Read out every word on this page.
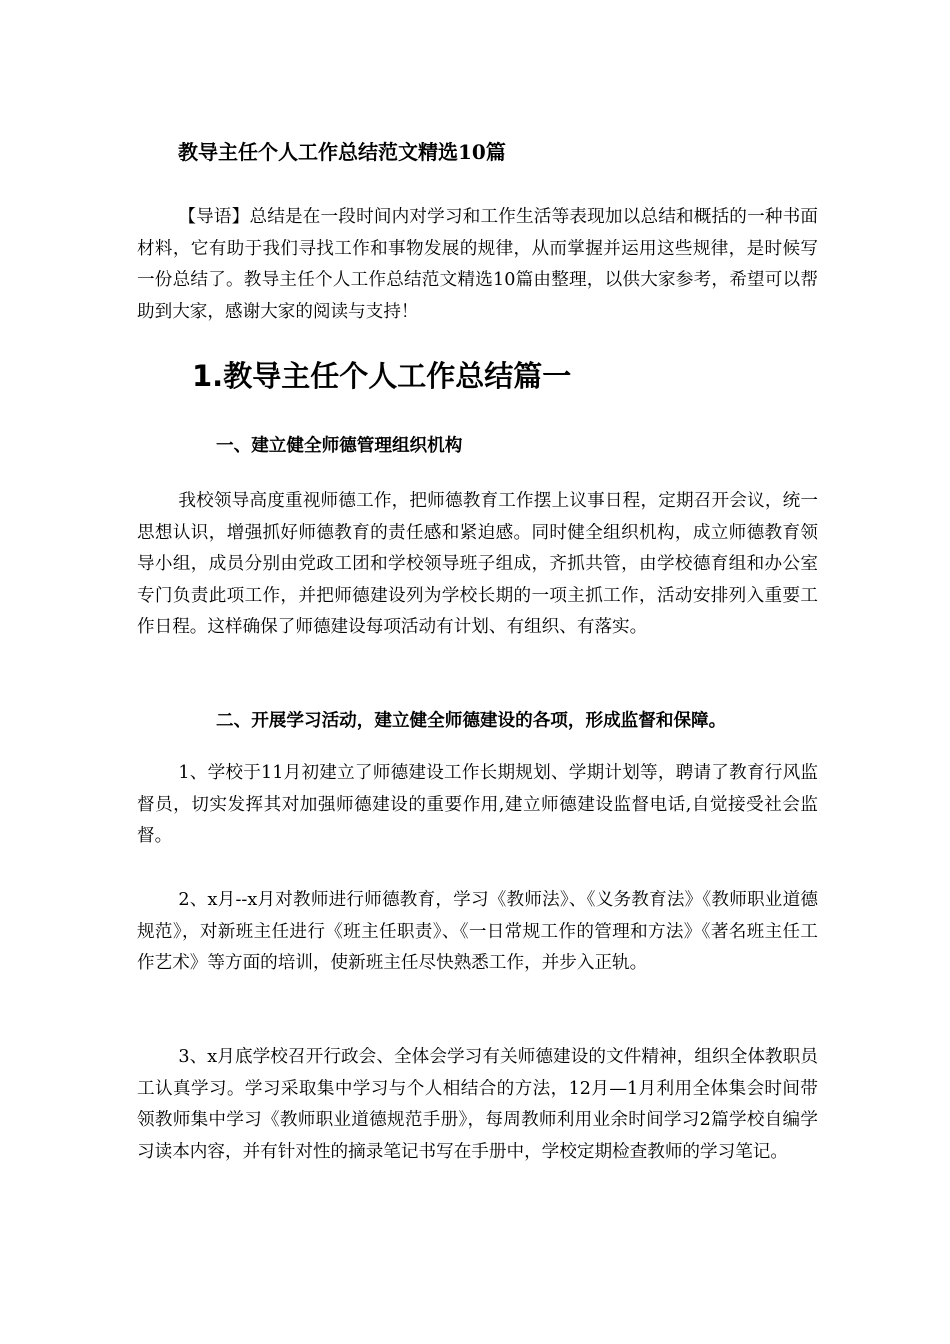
教导主任个人工作总结范文精选10篇

【导语】总结是在一段时间内对学习和工作生活等表现加以总结和概括的一种书面材料，它有助于我们寻找工作和事物发展的规律，从而掌握并运用这些规律，是时候写一份总结了。教导主任个人工作总结范文精选10篇由整理，以供大家参考，希望可以帮助到大家，感谢大家的阅读与支持！

1.教导主任个人工作总结篇一
一、建立健全师德管理组织机构

我校领导高度重视师德工作，把师德教育工作摆上议事日程，定期召开会议，统一思想认识，增强抓好师德教育的责任感和紧迫感。同时健全组织机构，成立师德教育领导小组，成员分别由党政工团和学校领导班子组成，齐抓共管，由学校德育组和办公室专门负责此项工作，并把师德建设列为学校长期的一项主抓工作，活动安排列入重要工作日程。这样确保了师德建设每项活动有计划、有组织、有落实。

二、开展学习活动，建立健全师德建设的各项，形成监督和保障。

1、学校于11月初建立了师德建设工作长期规划、学期计划等，聘请了教育行风监督员，切实发挥其对加强师德建设的重要作用,建立师德建设监督电话,自觉接受社会监督。

2、x月--x月对教师进行师德教育，学习《教师法》、《义务教育法》《教师职业道德规范》，对新班主任进行《班主任职责》、《一日常规工作的管理和方法》《著名班主任工作艺术》等方面的培训，使新班主任尽快熟悉工作，并步入正轨。

3、x月底学校召开行政会、全体会学习有关师德建设的文件精神，组织全体教职员工认真学习。学习采取集中学习与个人相结合的方法，12月—1月利用全体集会时间带领教师集中学习《教师职业道德规范手册》，每周教师利用业余时间学习2篇学校自编学习读本内容，并有针对性的摘录笔记书写在手册中，学校定期检查教师的学习笔记。
